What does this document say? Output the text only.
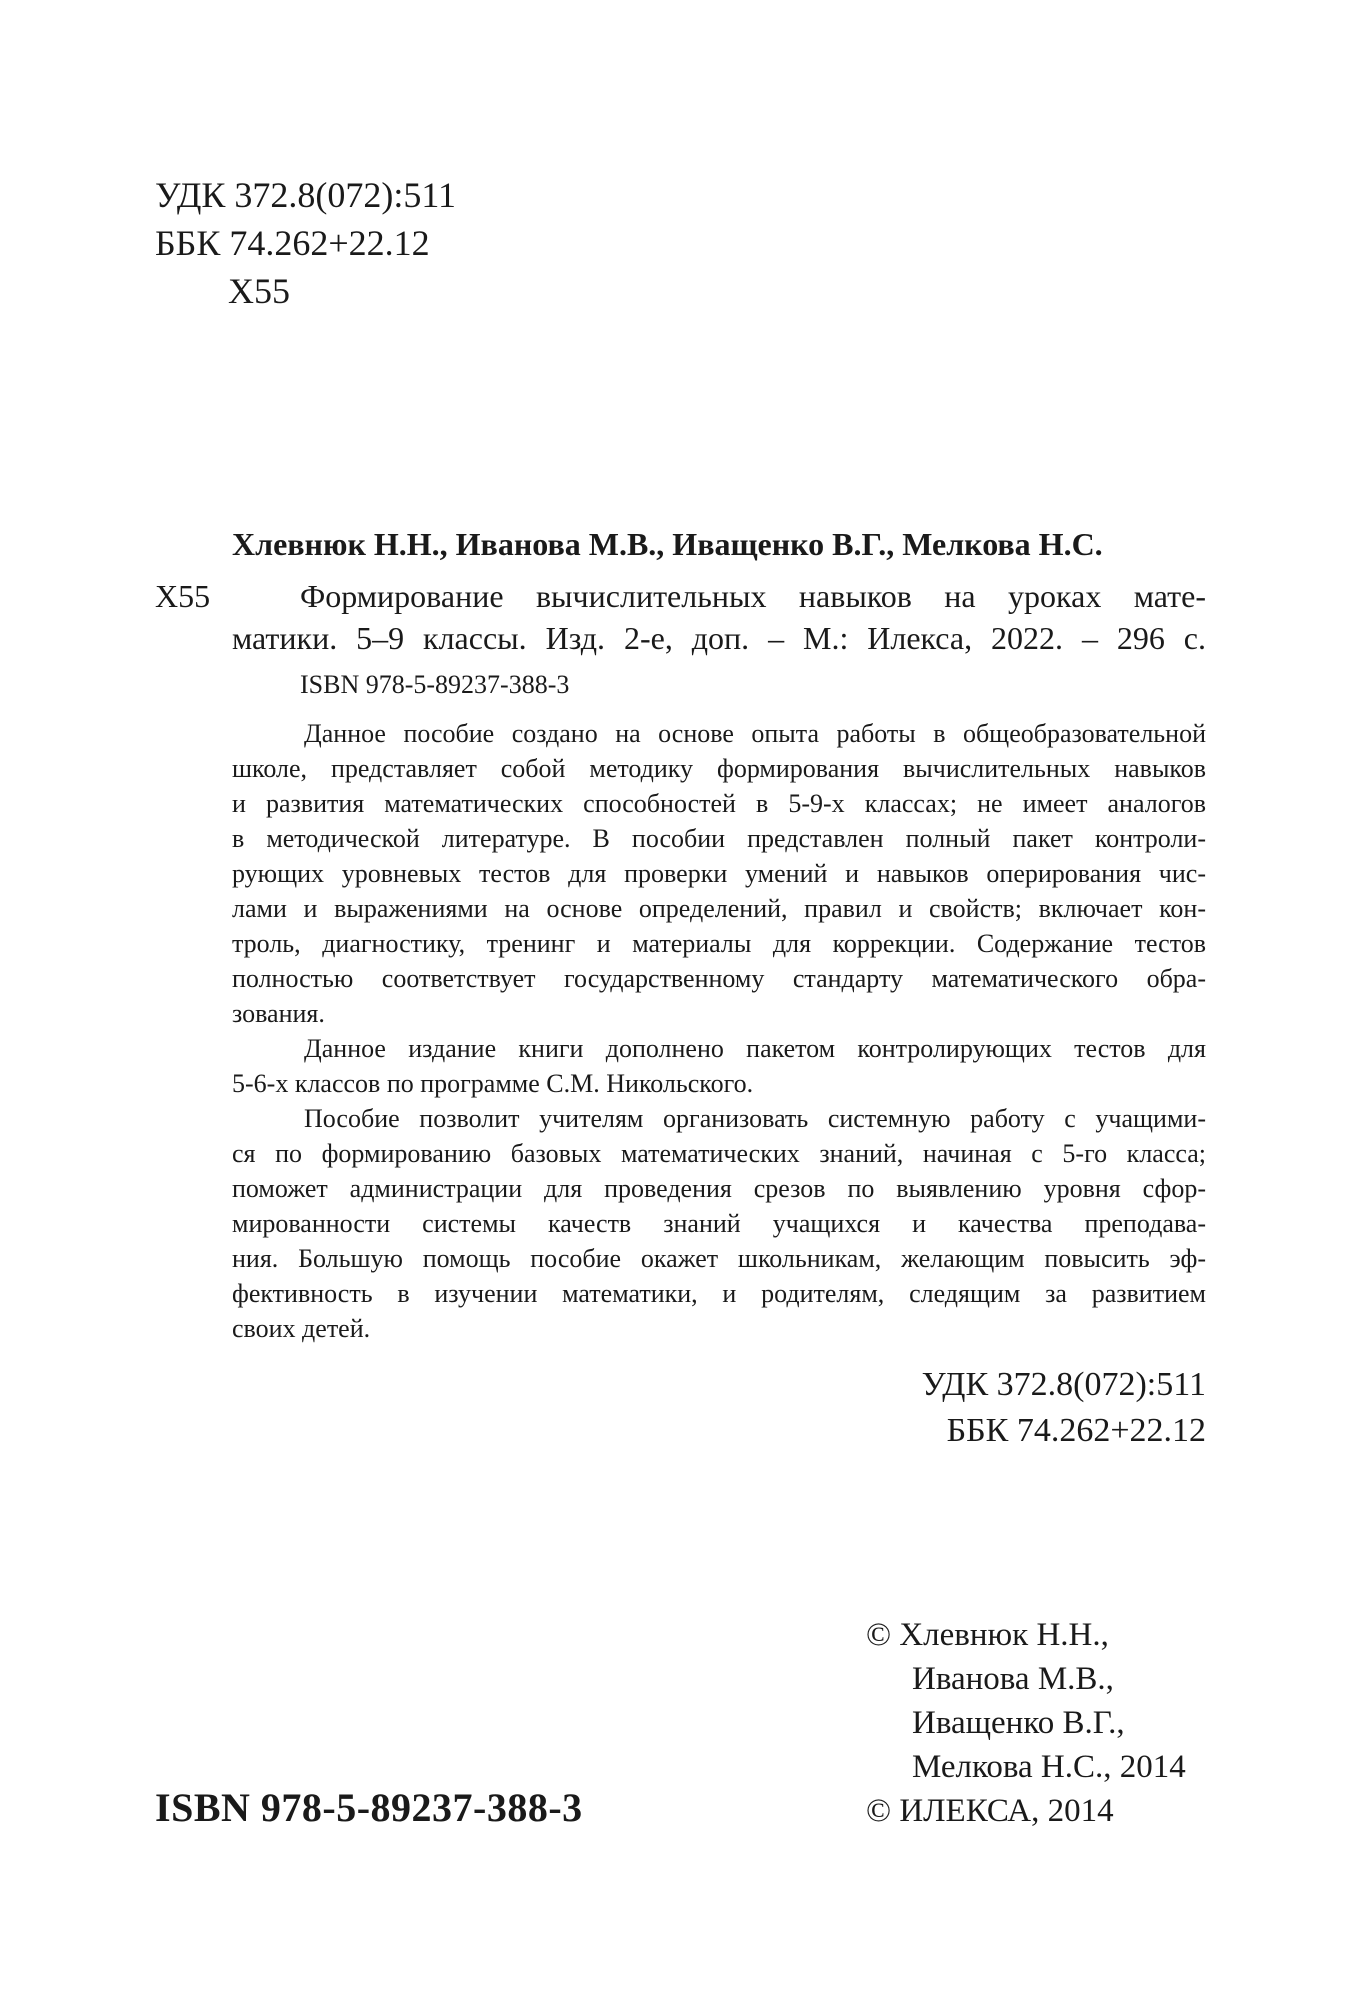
УДК 372.8(072):511
ББК 74.262+22.12
Х55
Хлевнюк Н.Н., Иванова М.В., Иващенко В.Г., Мелкова Н.С.
Х55	Формирование вычислительных навыков на уроках мате-
матики. 5–9 классы. Изд. 2-е, доп. – М.: Илекса, 2022. – 296 с.
ISBN 978-5-89237-388-3
Данное пособие создано на основе опыта работы в общеобразовательной
школе, представляет собой методику формирования вычислительных навыков
и развития математических способностей в 5-9-х классах; не имеет аналогов
в методической литературе. В пособии представлен полный пакет контроли-
рующих уровневых тестов для проверки умений и навыков оперирования чис-
лами и выражениями на основе определений, правил и свойств; включает кон-
троль, диагностику, тренинг и материалы для коррекции. Содержание тестов
полностью соответствует государственному стандарту математического обра-
зования.
Данное издание книги дополнено пакетом контролирующих тестов для
5-6-х классов по программе С.М. Никольского.
Пособие позволит учителям организовать системную работу с учащими-
ся по формированию базовых математических знаний, начиная с 5-го класса;
поможет администрации для проведения срезов по выявлению уровня сфор-
мированности системы качеств знаний учащихся и качества преподава-
ния. Большую помощь пособие окажет школьникам, желающим повысить эф-
фективность в изучении математики, и родителям, следящим за развитием
своих детей.
УДК 372.8(072):511
ББК 74.262+22.12
© Хлевнюк Н.Н.,
Иванова М.В.,
Иващенко В.Г.,
Мелкова Н.С., 2014
© ИЛЕКСА, 2014
ISBN 978-5-89237-388-3
